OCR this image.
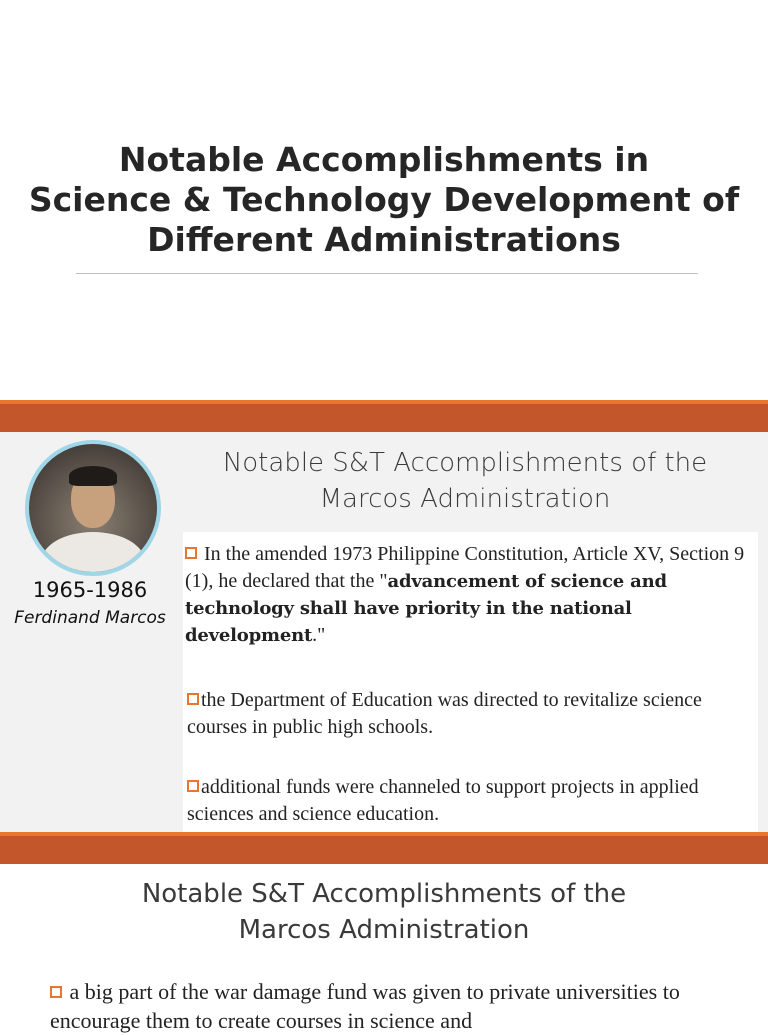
Notable Accomplishments in
Science & Technology Development of
Different Administrations
1965-1986
Ferdinand Marcos
Notable S&T Accomplishments of the
Marcos Administration
In the amended 1973 Philippine Constitution, Article XV, Section 9 (1), he declared that the "advancement of science and technology shall have priority in the national development."
the Department of Education was directed to revitalize science courses in public high schools.
additional funds were channeled to support projects in applied sciences and science education.
Notable S&T Accomplishments of the
Marcos Administration
a big part of the war damage fund was given to private universities to encourage them to create courses in science and
